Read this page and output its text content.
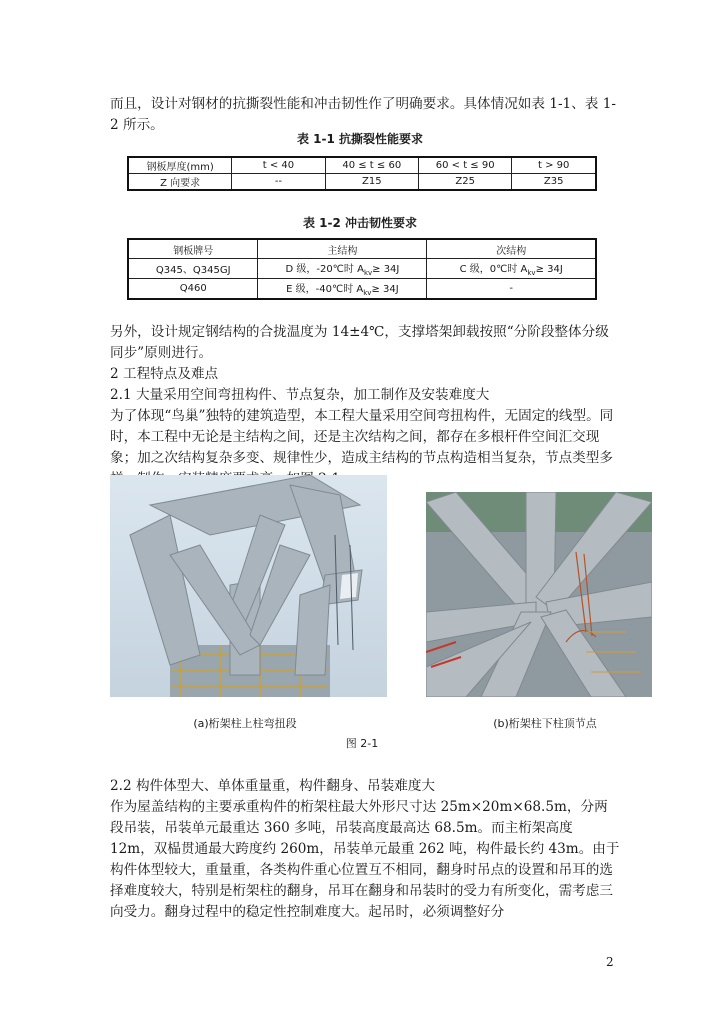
而且，设计对钢材的抗撕裂性能和冲击韧性作了明确要求。具体情况如表 1-1、表 1-2 所示。

表 1-1 抗撕裂性能要求

钢板厚度(mm)	t < 40	40 ≤ t ≤ 60	60 < t ≤ 90	t > 90
Z 向要求	--	Z15	Z25	Z35

表 1-2 冲击韧性要求

钢板牌号	主结构	次结构
Q345、Q345GJ	D 级，-20℃时 $A_{kv}\ge 34J$	C 级，0℃时 $A_{kv}\ge 34J$
Q460	E 级，-40℃时 $A_{kv}\ge 34J$	-

另外，设计规定钢结构的合拢温度为 14±4℃，支撑塔架卸载按照“分阶段整体分级同步”原则进行。

2 工程特点及难点

2.1 大量采用空间弯扭构件、节点复杂，加工制作及安装难度大

为了体现“鸟巢”独特的建筑造型，本工程大量采用空间弯扭构件，无固定的线型。同时，本工程中无论是主结构之间，还是主次结构之间，都存在多根杆件空间汇交现象；加之次结构复杂多变、规律性少，造成主结构的节点构造相当复杂，节点类型多

(a)桁架柱上柱弯扭段	(b)桁架柱下柱顶节点

图 2-1

2.2 构件体型大、单体重量重，构件翻身、吊装难度大

作为屋盖结构的主要承重构件的桁架柱最大外形尺寸达 25m×20m×68.5m，分两段吊装，吊装单元最重达 360 多吨，吊装高度最高达 68.5m。而主桁架高度 12m，双榀贯通最大跨度约 260m，吊装单元最重 262 吨，构件最长约 43m。由于构件体型较大，重量重，各类构件重心位置互不相同，翻身时吊点的设置和吊耳的选择难度较大，特别是桁架柱的翻身，吊耳在翻身和吊装时的受力有所变化，需考虑三向受力。翻身过程中的稳定性控制难度大。起吊时，必须调整好分

2
